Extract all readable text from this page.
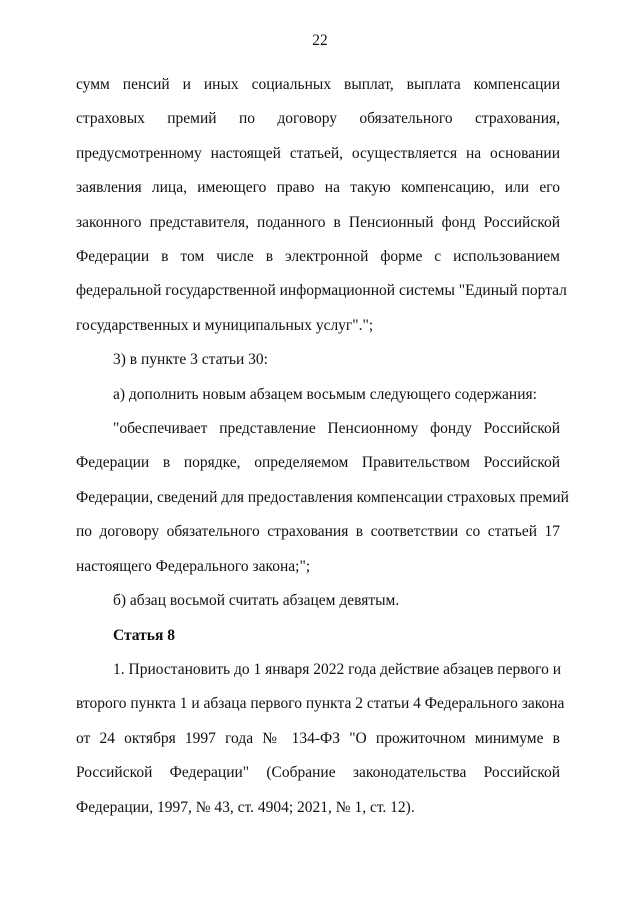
22

сумм пенсий и иных социальных выплат, выплата компенсации
страховых премий по договору обязательного страхования,
предусмотренному настоящей статьей, осуществляется на основании
заявления лица, имеющего право на такую компенсацию, или его
законного представителя, поданного в Пенсионный фонд Российской
Федерации в том числе в электронной форме с использованием
федеральной государственной информационной системы "Единый портал
государственных и муниципальных услуг".";

3) в пункте 3 статьи 30:

а) дополнить новым абзацем восьмым следующего содержания:

"обеспечивает представление Пенсионному фонду Российской
Федерации в порядке, определяемом Правительством Российской
Федерации, сведений для предоставления компенсации страховых премий
по договору обязательного страхования в соответствии со статьей 17
настоящего Федерального закона;";

б) абзац восьмой считать абзацем девятым.

Статья 8

1. Приостановить до 1 января 2022 года действие абзацев первого и
второго пункта 1 и абзаца первого пункта 2 статьи 4 Федерального закона
от 24 октября 1997 года № 134-ФЗ "О прожиточном минимуме в
Российской Федерации" (Собрание законодательства Российской
Федерации, 1997, № 43, ст. 4904; 2021, № 1, ст. 12).
